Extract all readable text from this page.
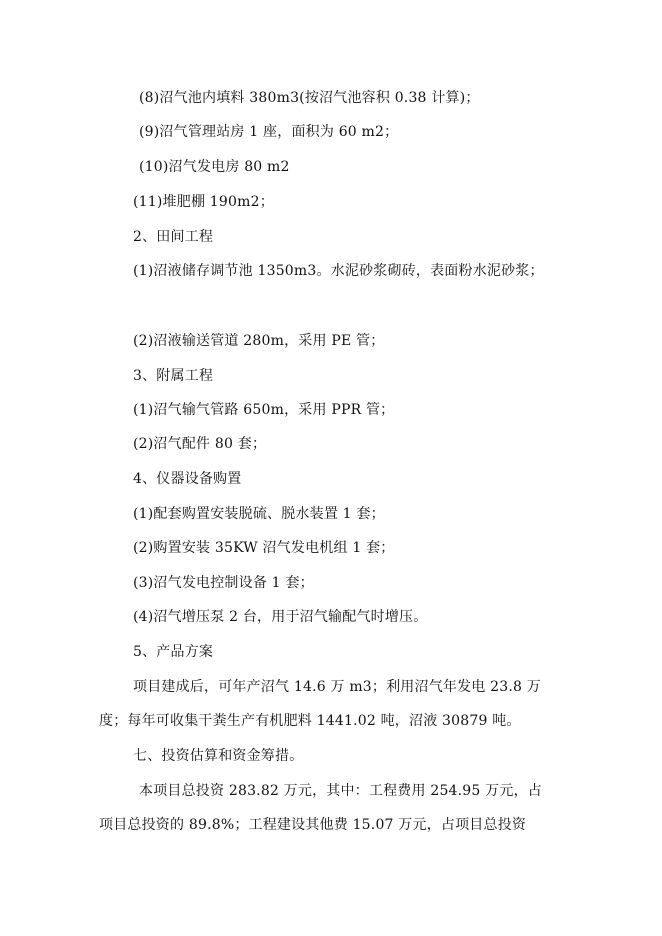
(8)沼气池内填料 380m3(按沼气池容积 0.38 计算)；
(9)沼气管理站房 1 座，面积为 60 m2；
(10)沼气发电房 80 m2
(11)堆肥棚 190m2；
2、田间工程
(1)沼液储存调节池 1350m3。水泥砂浆砌砖，表面粉水泥砂浆；
(2)沼液输送管道 280m，采用 PE 管；
3、附属工程
(1)沼气输气管路 650m，采用 PPR 管；
(2)沼气配件 80 套；
4、仪器设备购置
(1)配套购置安装脱硫、脱水装置 1 套；
(2)购置安装 35KW 沼气发电机组 1 套；
(3)沼气发电控制设备 1 套；
(4)沼气增压泵 2 台，用于沼气输配气时增压。
5、产品方案
项目建成后，可年产沼气 14.6 万 m3；利用沼气年发电 23.8 万
度；每年可收集干粪生产有机肥料 1441.02 吨，沼液 30879 吨。
七、投资估算和资金筹措。
本项目总投资 283.82 万元，其中：工程费用 254.95 万元，占
项目总投资的 89.8%；工程建设其他费 15.07 万元，占项目总投资
